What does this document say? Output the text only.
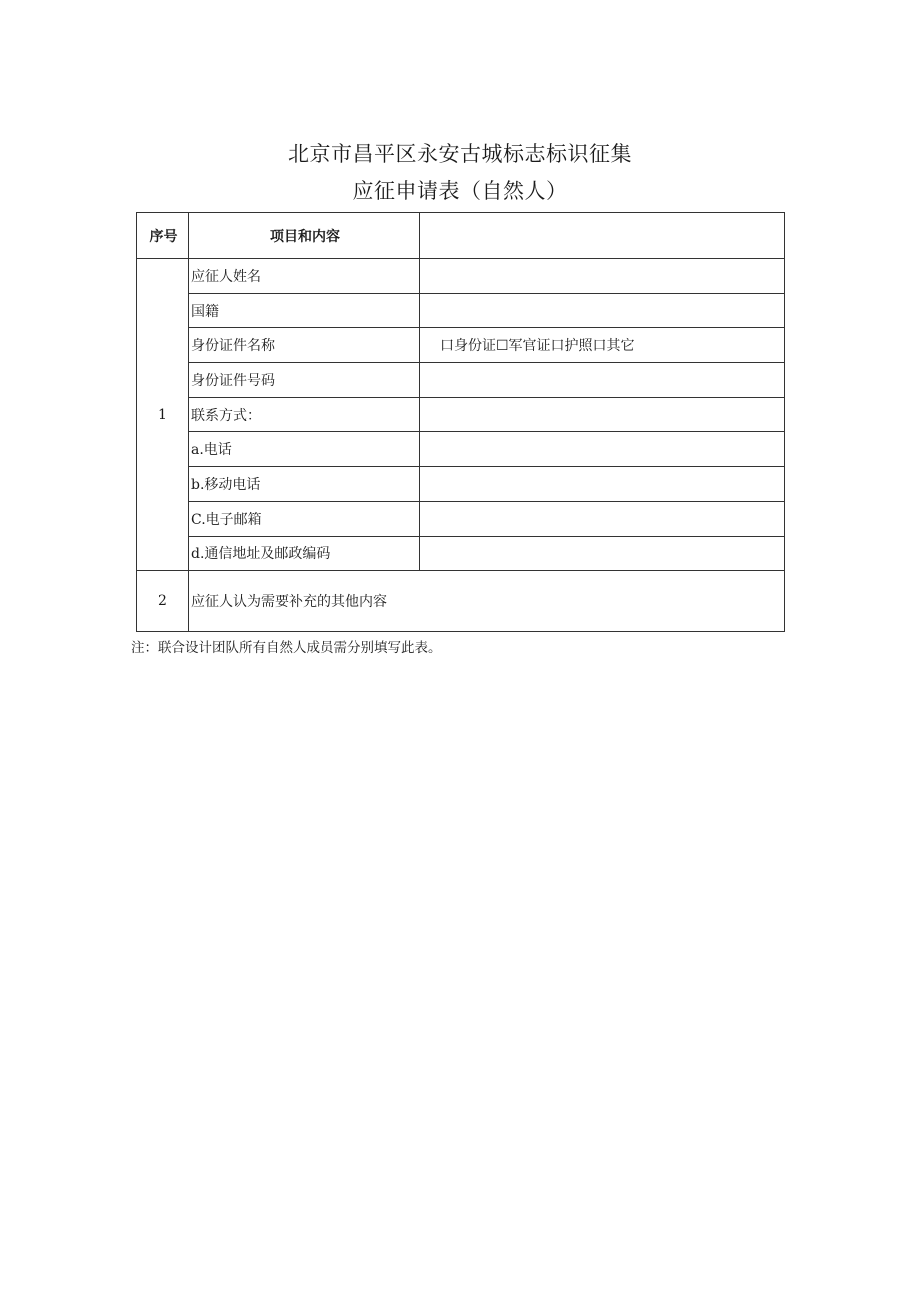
北京市昌平区永安古城标志标识征集
应征申请表（自然人）
序号	项目和内容	
1	应征人姓名	
	国籍	
	身份证件名称	口身份证☐军官证口护照口其它
	身份证件号码	
	联系方式：	
	a.电话	
	b.移动电话	
	C.电子邮箱	
	d.通信地址及邮政编码	
2	应征人认为需要补充的其他内容	

注：联合设计团队所有自然人成员需分别填写此表。
